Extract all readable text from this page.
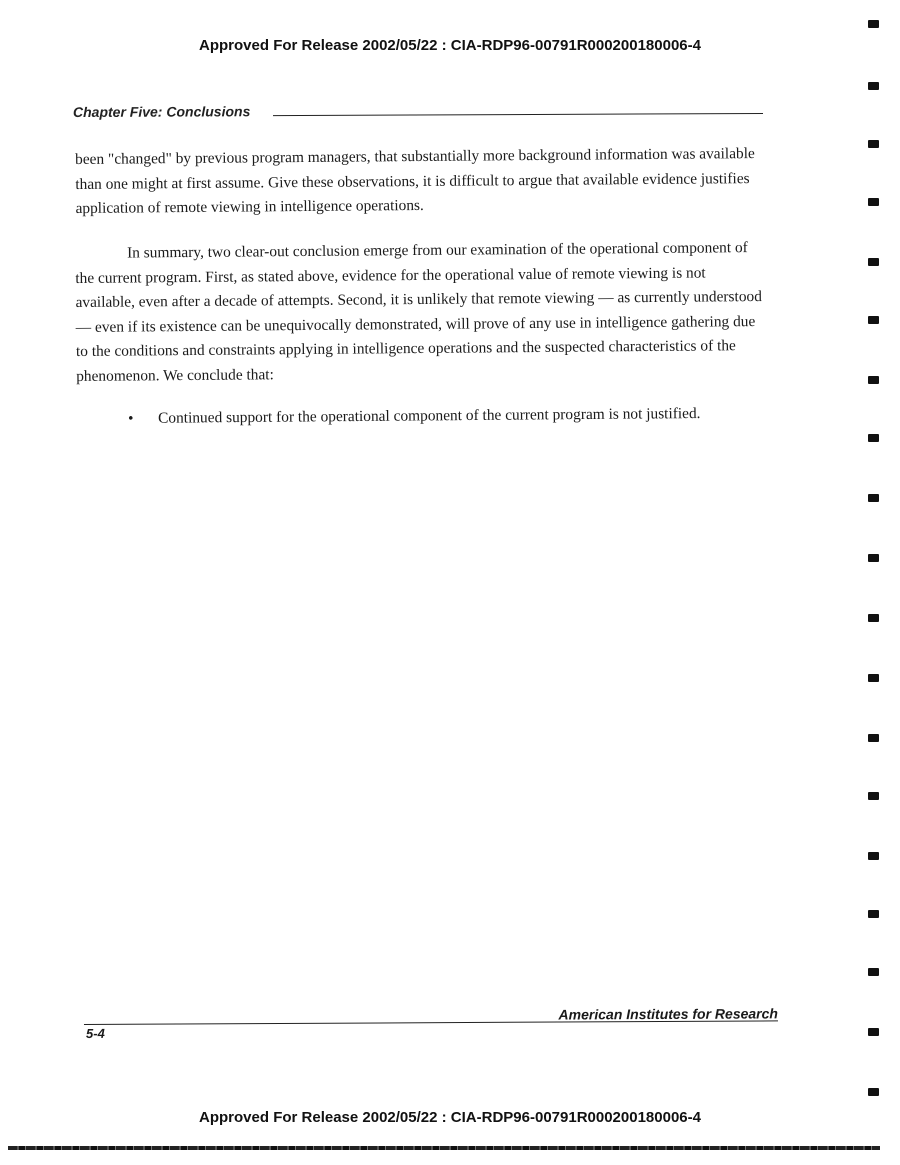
Approved For Release 2002/05/22 : CIA-RDP96-00791R000200180006-4
Chapter Five: Conclusions

been "changed" by previous program managers, that substantially more background information was available than one might at first assume. Give these observations, it is difficult to argue that available evidence justifies application of remote viewing in intelligence operations.

In summary, two clear-out conclusion emerge from our examination of the operational component of the current program. First, as stated above, evidence for the operational value of remote viewing is not available, even after a decade of attempts. Second, it is unlikely that remote viewing — as currently understood — even if its existence can be unequivocally demonstrated, will prove of any use in intelligence gathering due to the conditions and constraints applying in intelligence operations and the suspected characteristics of the phenomenon. We conclude that:

•	Continued support for the operational component of the current program is not justified.
5-4
American Institutes for Research
Approved For Release 2002/05/22 : CIA-RDP96-00791R000200180006-4
